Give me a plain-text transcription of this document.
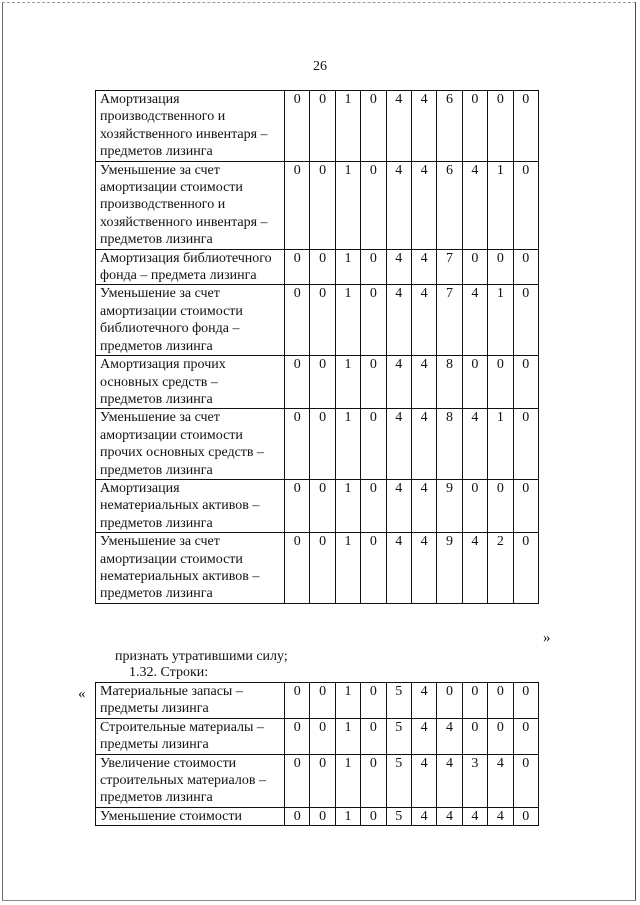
26
Амортизация производственного и хозяйственного инвентаря – предметов лизинга	0	0	1	0	4	4	6	0	0	0
Уменьшение за счет амортизации стоимости производственного и хозяйственного инвентаря – предметов лизинга	0	0	1	0	4	4	6	4	1	0
Амортизация библиотечного фонда – предмета лизинга	0	0	1	0	4	4	7	0	0	0
Уменьшение за счет амортизации стоимости библиотечного фонда – предметов лизинга	0	0	1	0	4	4	7	4	1	0
Амортизация прочих основных средств – предметов лизинга	0	0	1	0	4	4	8	0	0	0
Уменьшение за счет амортизации стоимости прочих основных средств – предметов лизинга	0	0	1	0	4	4	8	4	1	0
Амортизация нематериальных активов – предметов лизинга	0	0	1	0	4	4	9	0	0	0
Уменьшение за счет амортизации стоимости нематериальных активов – предметов лизинга	0	0	1	0	4	4	9	4	2	0
»
признать утратившими силу;
1.32. Строки:
« Материальные запасы – предметы лизинга	0	0	1	0	5	4	0	0	0	0
Строительные материалы – предметы лизинга	0	0	1	0	5	4	4	0	0	0
Увеличение стоимости строительных материалов – предметов лизинга	0	0	1	0	5	4	4	3	4	0
Уменьшение стоимости	0	0	1	0	5	4	4	4	4	0
